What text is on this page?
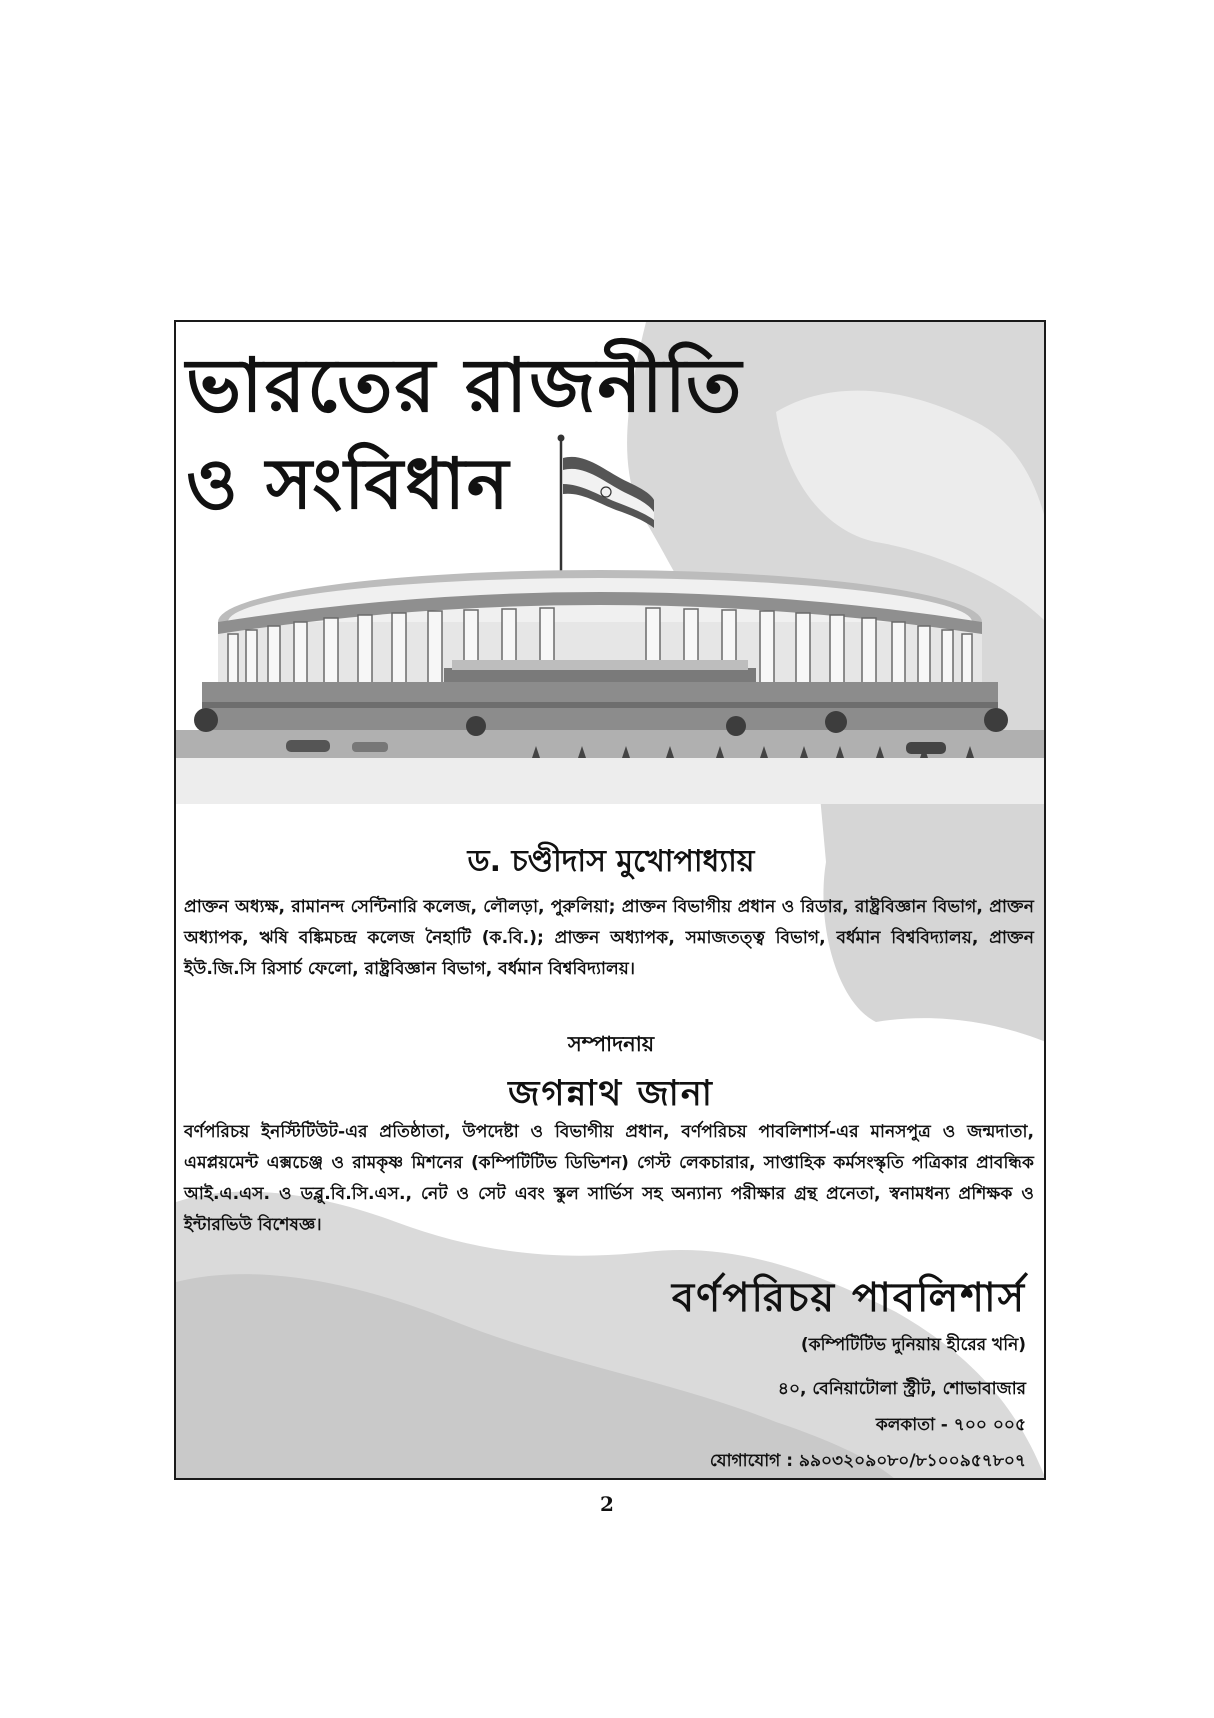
ভারতের রাজনীতি
ও সংবিধান
ড. চণ্ডীদাস মুখোপাধ্যায়
প্রাক্তন অধ্যক্ষ, রামানন্দ সেন্টিনারি কলেজ, লৌলড়া, পুরুলিয়া; প্রাক্তন বিভাগীয় প্রধান ও রিডার, রাষ্ট্রবিজ্ঞান বিভাগ, প্রাক্তন অধ্যাপক, ঋষি বঙ্কিমচন্দ্র কলেজ নৈহাটি (ক.বি.); প্রাক্তন অধ্যাপক, সমাজতত্ত্ব বিভাগ, বর্ধমান বিশ্ববিদ্যালয়, প্রাক্তন ইউ.জি.সি রিসার্চ ফেলো, রাষ্ট্রবিজ্ঞান বিভাগ, বর্ধমান বিশ্ববিদ্যালয়।
সম্পাদনায়
জগন্নাথ জানা
বর্ণপরিচয় ইনস্টিটিউট-এর প্রতিষ্ঠাতা, উপদেষ্টা ও বিভাগীয় প্রধান, বর্ণপরিচয় পাবলিশার্স-এর মানসপুত্র ও জন্মদাতা, এমপ্লয়মেন্ট এক্সচেঞ্জ ও রামকৃষ্ণ মিশনের (কম্পিটিটিভ ডিভিশন) গেস্ট লেকচারার, সাপ্তাহিক কর্মসংস্কৃতি পত্রিকার প্রাবন্ধিক আই.এ.এস. ও ডব্লু.বি.সি.এস., নেট ও সেট এবং স্কুল সার্ভিস সহ অন্যান্য পরীক্ষার গ্রন্থ প্রনেতা, স্বনামধন্য প্রশিক্ষক ও ইন্টারভিউ বিশেষজ্ঞ।
বর্ণপরিচয় পাবলিশার্স
(কম্পিটিটিভ দুনিয়ায় হীরের খনি)
৪০, বেনিয়াটোলা স্ট্রীট, শোভাবাজার
কলকাতা - ৭০০ ০০৫
যোগাযোগ : ৯৯০৩২০৯০৮০/৮১০০৯৫৭৮০৭
2
